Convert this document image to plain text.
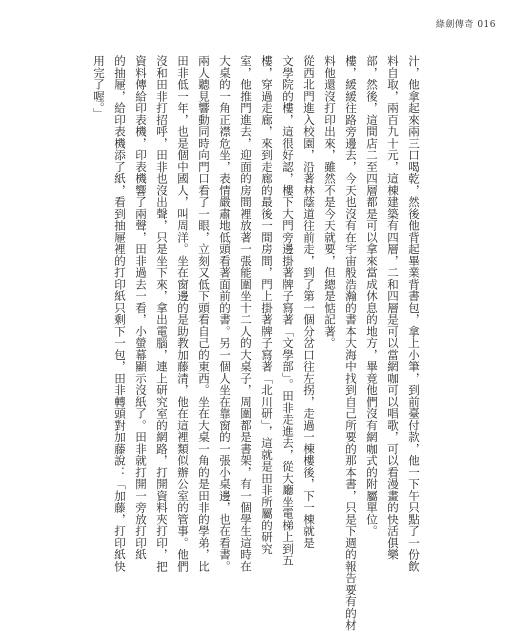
綠劍傳奇 016
汁，他拿起來兩三口喝乾，然後他背起畢業背書包，拿上小筆，到前臺付款，他一下午只點了一份飲
料自取，兩百九十元，這棟建築有四層，二和四層是可以當網咖可以唱歌，可以看漫畫的快活俱樂
部，然後，這間店二至四層都是可以拿來當成休息的地方，畢竟他們沒有網咖式的附屬單位。
樓，緩緩往路旁邊去，今天也沒有在宇宙般浩瀚的書本大海中找到自己所要的那本書，只是下週的報告要有的材
料他還沒打印出來，雖然不是今天就要，但總是惦記著。
從西北門進入校園，沿著林蔭道往前走，到了第一個分岔口往左拐，走過一棟樓後，下一棟就是
文學院的樓，這很好認，樓下大門旁邊掛著牌子寫著「文學部」。田非走進去，從大廳坐電梯上到五
樓，穿過走廊，來到走廊的最後一間房間，門上掛著牌子寫著「北川研」，這就是田非所屬的研究
室，他推門進去，迎面的房間裡放著一張能圍坐十二人的大桌子，周圍都是書架，有一個學生這時在
大桌的一角正襟危坐，表情嚴肅地低頭看著面前的書。另一個人坐在靠窗的一張小桌邊，也在看書。
兩人聽見響動同時向門口看了一眼，立刻又低下頭看自己的東西。坐在大桌一角的是田非的學弟，比
田非低一年，也是個中國人，叫周洋。坐在窗邊的是助教加藤清，他在這裡類似辦公室的管事。他們
沒和田非打招呼，田非也沒出聲，只是坐下來，拿出電腦，連上研究室的網路，打開資料夾打印，把
資料傳給印表機，印表機響了兩聲，田非過去一看，小螢幕顯示沒紙了。田非就打開一旁放打印紙
的抽屜，給印表機添了紙，看到抽屜裡的打印紙只剩下一包，田非轉頭對加藤說：「加藤，打印紙快
用完了喔。」
